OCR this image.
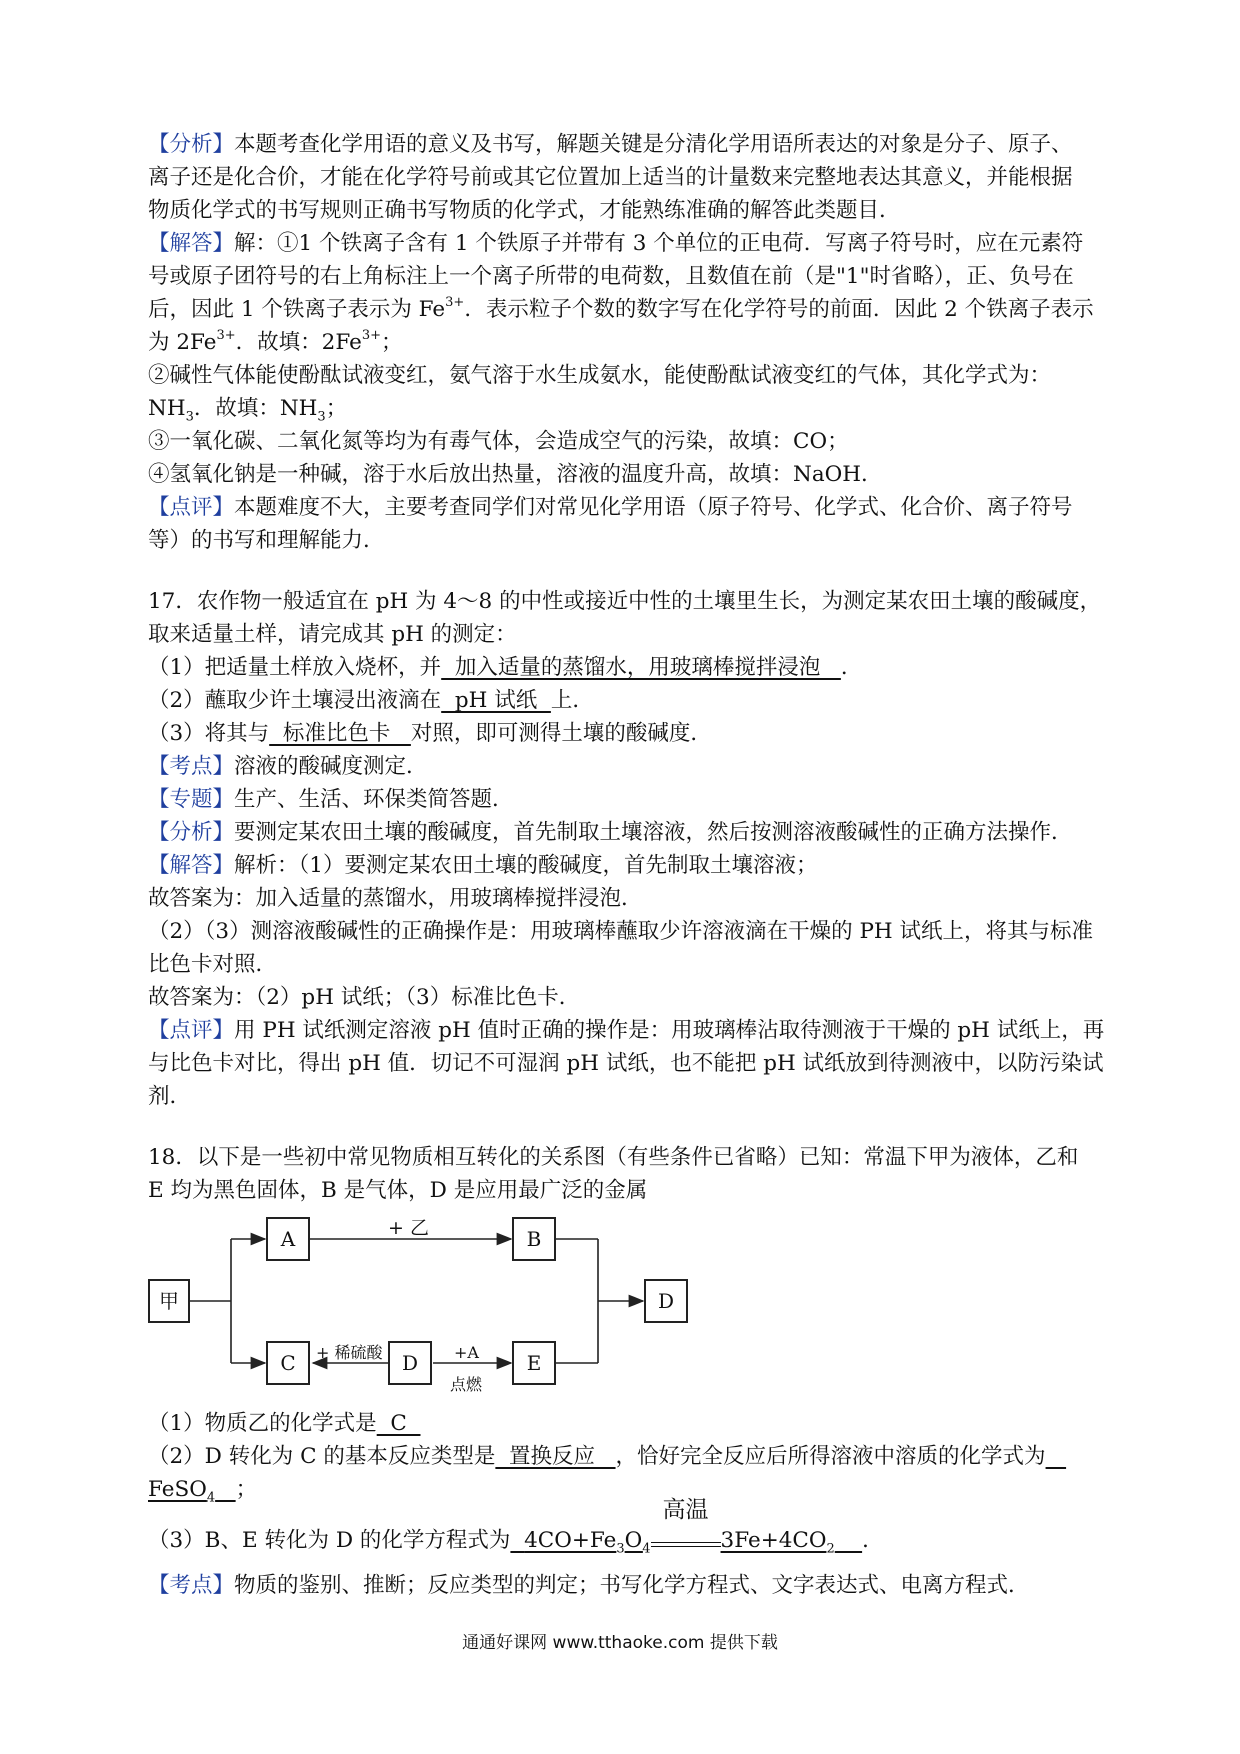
【分析】本题考查化学用语的意义及书写，解题关键是分清化学用语所表达的对象是分子、原子、
离子还是化合价，才能在化学符号前或其它位置加上适当的计量数来完整地表达其意义，并能根据
物质化学式的书写规则正确书写物质的化学式，才能熟练准确的解答此类题目．
【解答】解：①1 个铁离子含有 1 个铁原子并带有 3 个单位的正电荷．写离子符号时，应在元素符
号或原子团符号的右上角标注上一个离子所带的电荷数，且数值在前（是"1"时省略），正、负号在
后，因此 1 个铁离子表示为 $Fe^{3+}$．表示粒子个数的数字写在化学符号的前面．因此 2 个铁离子表示
为 $2Fe^{3+}$．故填：$2Fe^{3+}$；
②碱性气体能使酚酞试液变红，氨气溶于水生成氨水，能使酚酞试液变红的气体，其化学式为：
$NH_3$．故填：$NH_3$；
③一氧化碳、二氧化氮等均为有毒气体，会造成空气的污染，故填：CO；
④氢氧化钠是一种碱，溶于水后放出热量，溶液的温度升高，故填：NaOH．
【点评】本题难度不大，主要考查同学们对常见化学用语（原子符号、化学式、化合价、离子符号
等）的书写和理解能力．
17．农作物一般适宜在 pH 为 4～8 的中性或接近中性的土壤里生长，为测定某农田土壤的酸碱度，
取来适量土样，请完成其 pH 的测定：
（1）把适量土样放入烧杯，并  加入适量的蒸馏水，用玻璃棒搅拌浸泡   ．
（2）蘸取少许土壤浸出液滴在  pH 试纸  上．
（3）将其与  标准比色卡   对照，即可测得土壤的酸碱度．
【考点】溶液的酸碱度测定．
【专题】生产、生活、环保类简答题．
【分析】要测定某农田土壤的酸碱度，首先制取土壤溶液，然后按测溶液酸碱性的正确方法操作．
【解答】解析：（1）要测定某农田土壤的酸碱度，首先制取土壤溶液；
故答案为：加入适量的蒸馏水，用玻璃棒搅拌浸泡．
（2）（3）测溶液酸碱性的正确操作是：用玻璃棒蘸取少许溶液滴在干燥的 PH 试纸上，将其与标准
比色卡对照．
故答案为：（2）pH 试纸；（3）标准比色卡．
【点评】用 PH 试纸测定溶液 pH 值时正确的操作是：用玻璃棒沾取待测液于干燥的 pH 试纸上，再
与比色卡对比，得出 pH 值．切记不可湿润 pH 试纸，也不能把 pH 试纸放到待测液中，以防污染试
剂．
18．以下是一些初中常见物质相互转化的关系图（有些条件已省略）已知：常温下甲为液体，乙和
E 均为黑色固体，B 是气体，D 是应用最广泛的金属
甲
A	B
C	D	E
D
+ 乙
+ 稀硫酸	+A
点燃
（1）物质乙的化学式是  C
（2）D 转化为 C 的基本反应类型是  置换反应   ，恰好完全反应后所得溶液中溶质的化学式为
FeSO$_4$ ；
（3）B、E 转化为 D 的化学方程式为 $4CO+Fe_3O_4$
高温
$3Fe+4CO_2$ ．
【考点】物质的鉴别、推断；反应类型的判定；书写化学方程式、文字表达式、电离方程式．
通通好课网 www.tthaoke.com 提供下载
